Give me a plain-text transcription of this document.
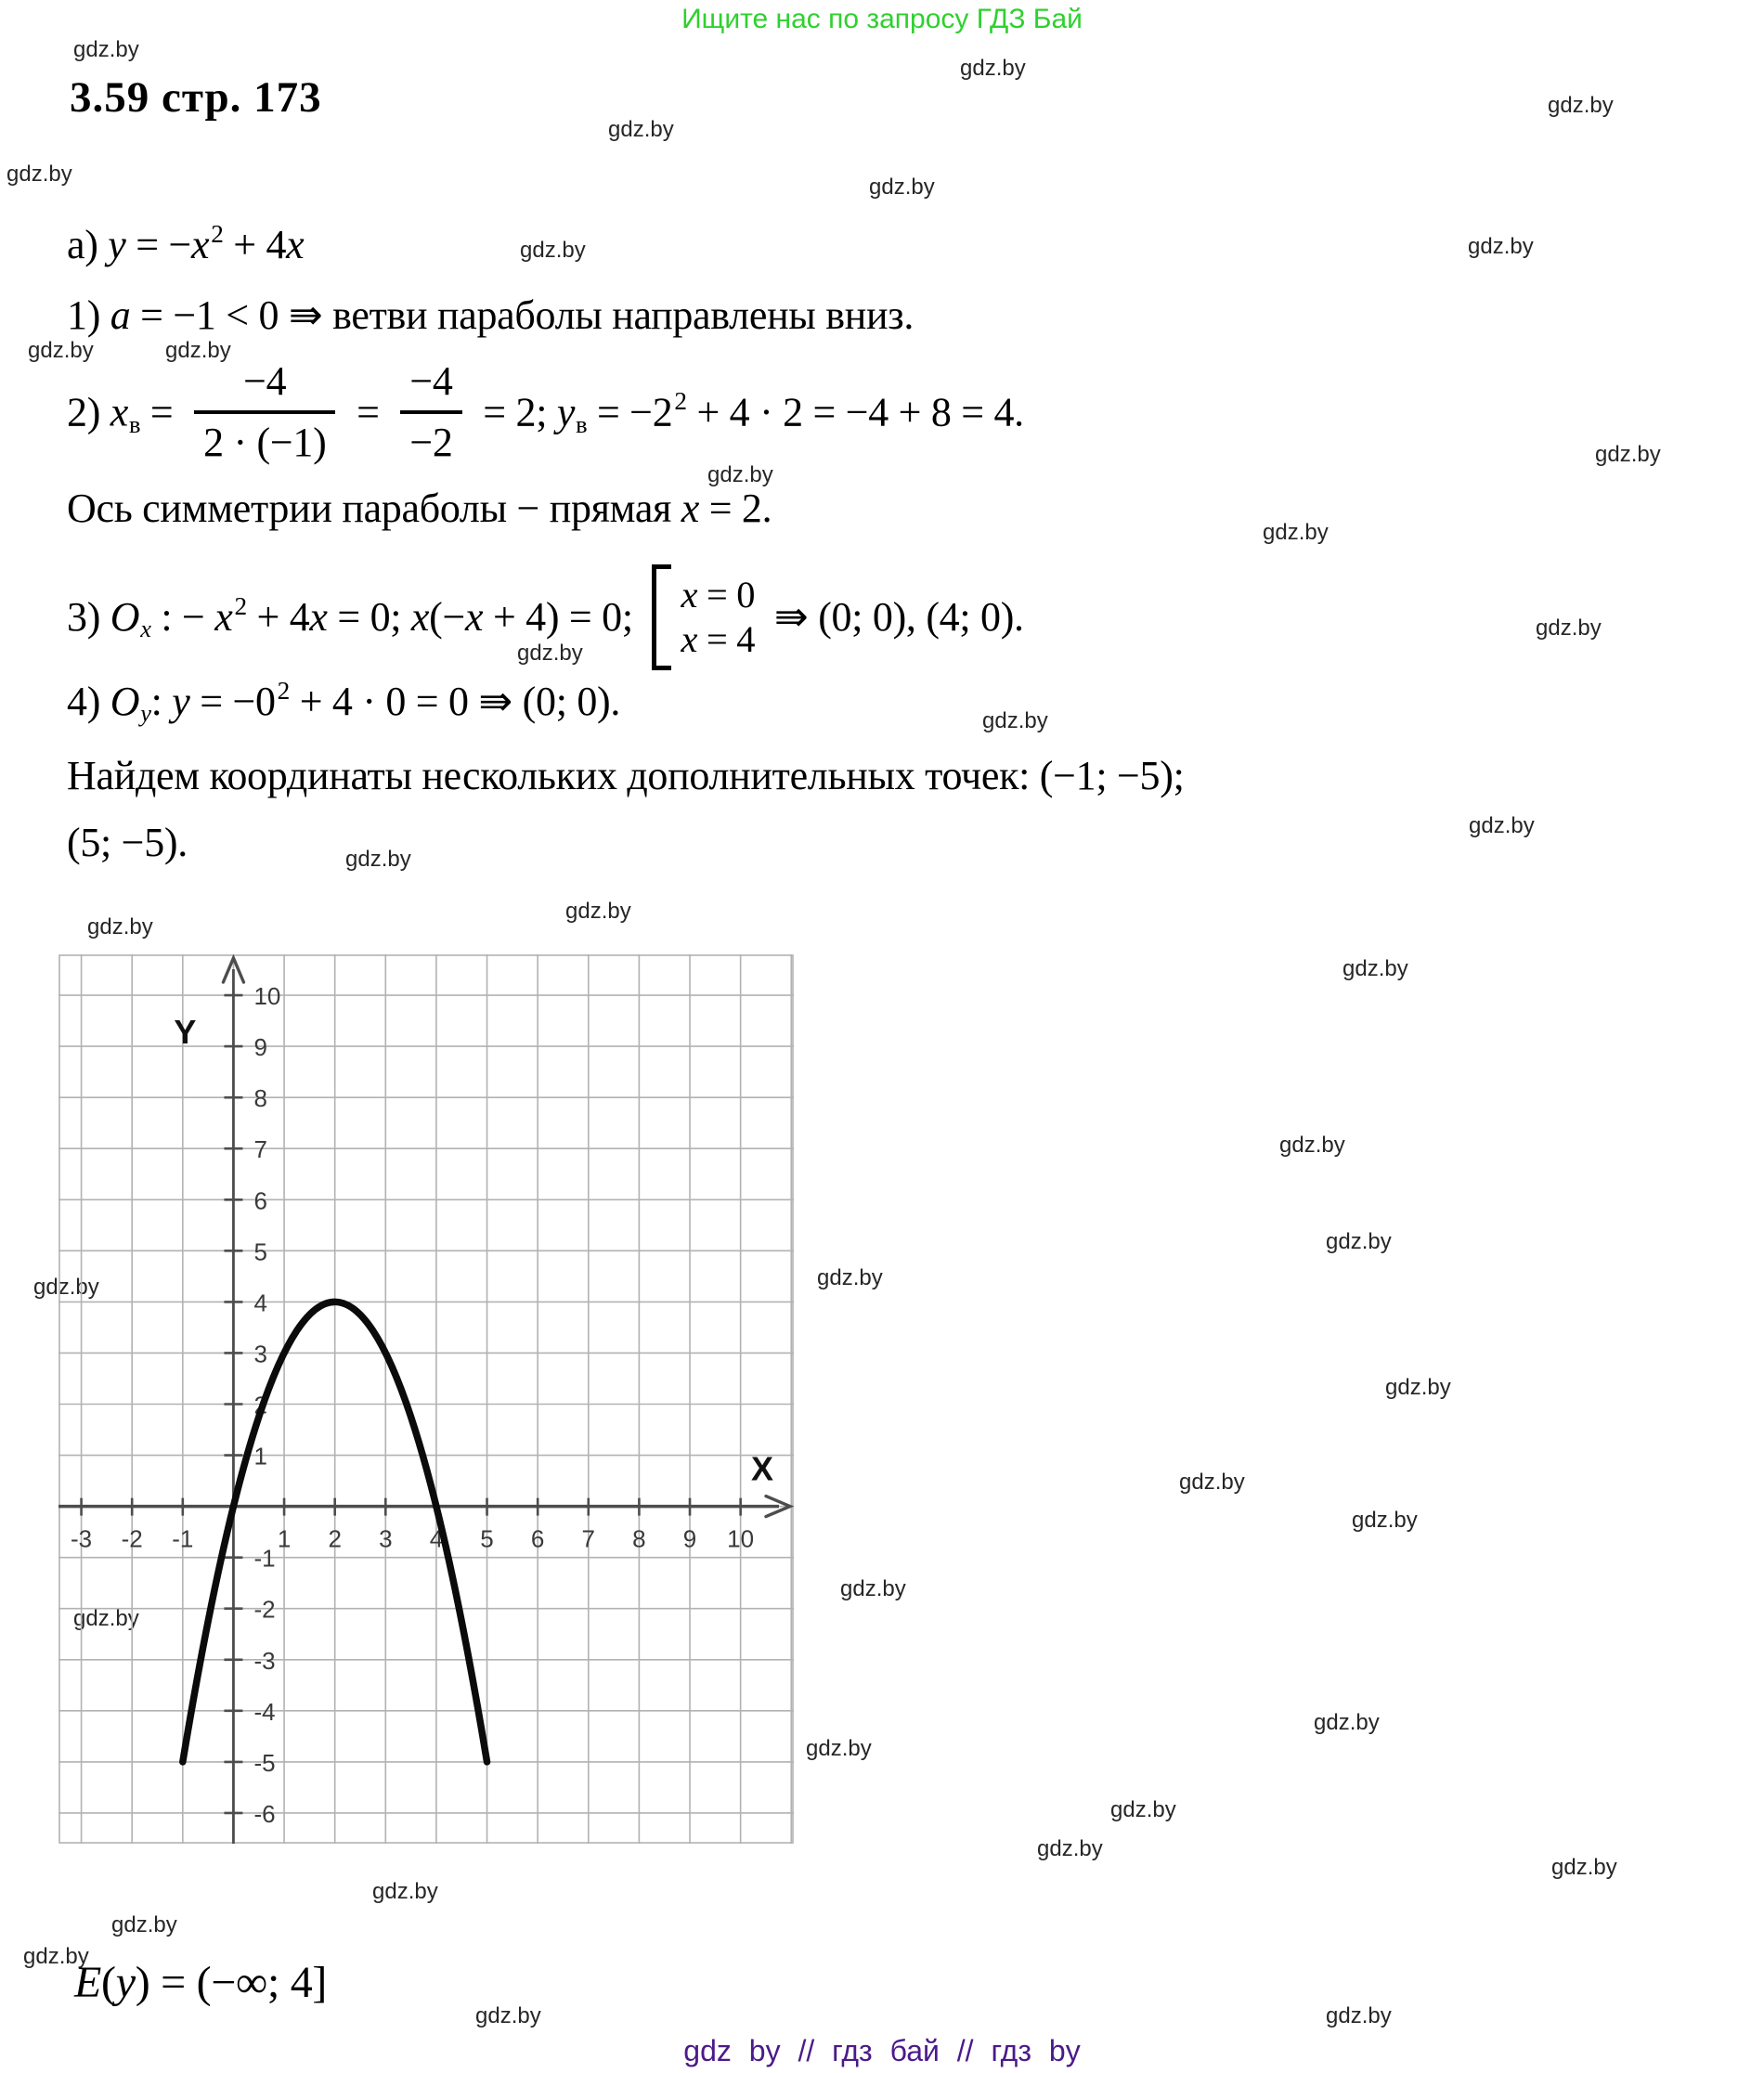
Ищите нас по запросу ГДЗ Бай
gdz.by
gdz.by
gdz.by
gdz.by
gdz.by
gdz.by
gdz.by	gdz.by
gdz.by	gdz.by
gdz.by
gdz.by
gdz.by
gdz.by
gdz.by
gdz.by
gdz.by
gdz.by
gdz.by
gdz.by
gdz.by
gdz.by
gdz.by
gdz.by
gdz.by
gdz.by
gdz.by
gdz.by
gdz.by
gdz.by
gdz.by
gdz.by
gdz.by
gdz.by
gdz.by
gdz.by
gdz.by
gdz.by
gdz.by	gdz.by
3.59 стр. 173
а) $y = -x^2 + 4x$
1) a = −1 < 0 ⇛ ветви параболы направлены вниз.
2) xв = $\frac{-4}{2 \cdot (-1)} = \frac{-4}{-2} = 2$; yв = $-2^2 + 4 \cdot 2 = -4 + 8 = 4$.
Ось симметрии параболы − прямая x = 2.
3) Ox : − $x^2 + 4x = 0$; x(−x + 4) = 0; x = 0
x = 4 ⇛ (0; 0), (4; 0).
4) Oy: $y = -0^2 + 4 \cdot 0 = 0$ ⇛ (0; 0).
Найдем координаты нескольких дополнительных точек: (−1; −5);
(5; −5).
-3 -2 -1	1 2 3 4 5 6 7 8 9 10
10
9
8
7
6
5
4
3
2
1
-1
-2
-3
-4
-5
-6
X
Y
E(y) = (−∞; 4]
gdz by // гдз бай // гдз by
